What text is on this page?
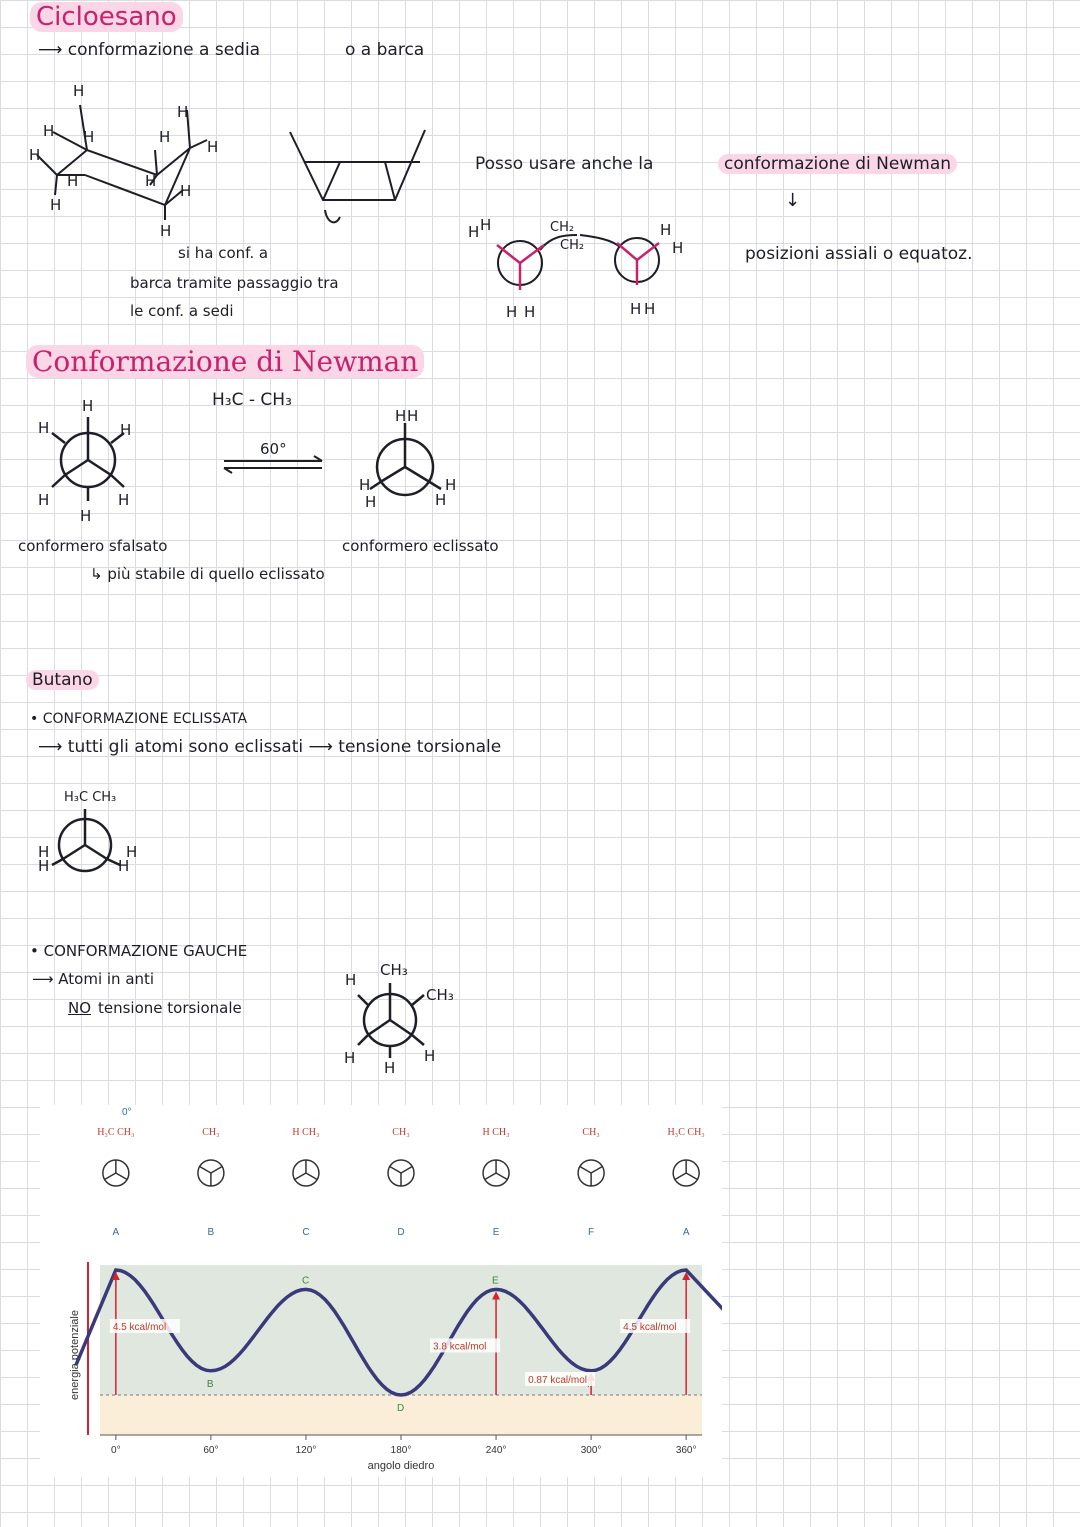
Cicloesano
⟶ conformazione a sedia	o a barca
H
H H
H
H
H
H
H
H
H
H
H
si ha conf. a
barca tramite passaggio tra
le conf. a sedi
Posso usare anche la	conformazione di Newman
↓
posizioni assiali o equatoz.
H H
H H
CH₂
CH₂
H
H
H H
Conformazione di Newman
H₃C - CH₃
H
H	H
H	H
H
60°
H H
H
H
H
H
conformero sfalsato	conformero eclissato
↳ più stabile di quello eclissato
Butano
• CONFORMAZIONE ECLISSATA
⟶ tutti gli atomi sono eclissati ⟶ tensione torsionale
H₃C CH₃
H
H
H
H
• CONFORMAZIONE GAUCHE
⟶ Atomi in anti
NO tensione torsionale
H
CH₃
CH₃
H
H
H
energia potenziale	B
C
D
E
4.5 kcal/mol
3.8 kcal/mol
0.87 kcal/mol
4.5 kcal/mol
0°	60°	120°	180°	240°	300°	360°
angolo diedro
0°
H₃C CH₃
A
CH₃
B
H CH₃
C
CH₃
D
H CH₃
E
CH₃
F
H₃C CH₃
A
